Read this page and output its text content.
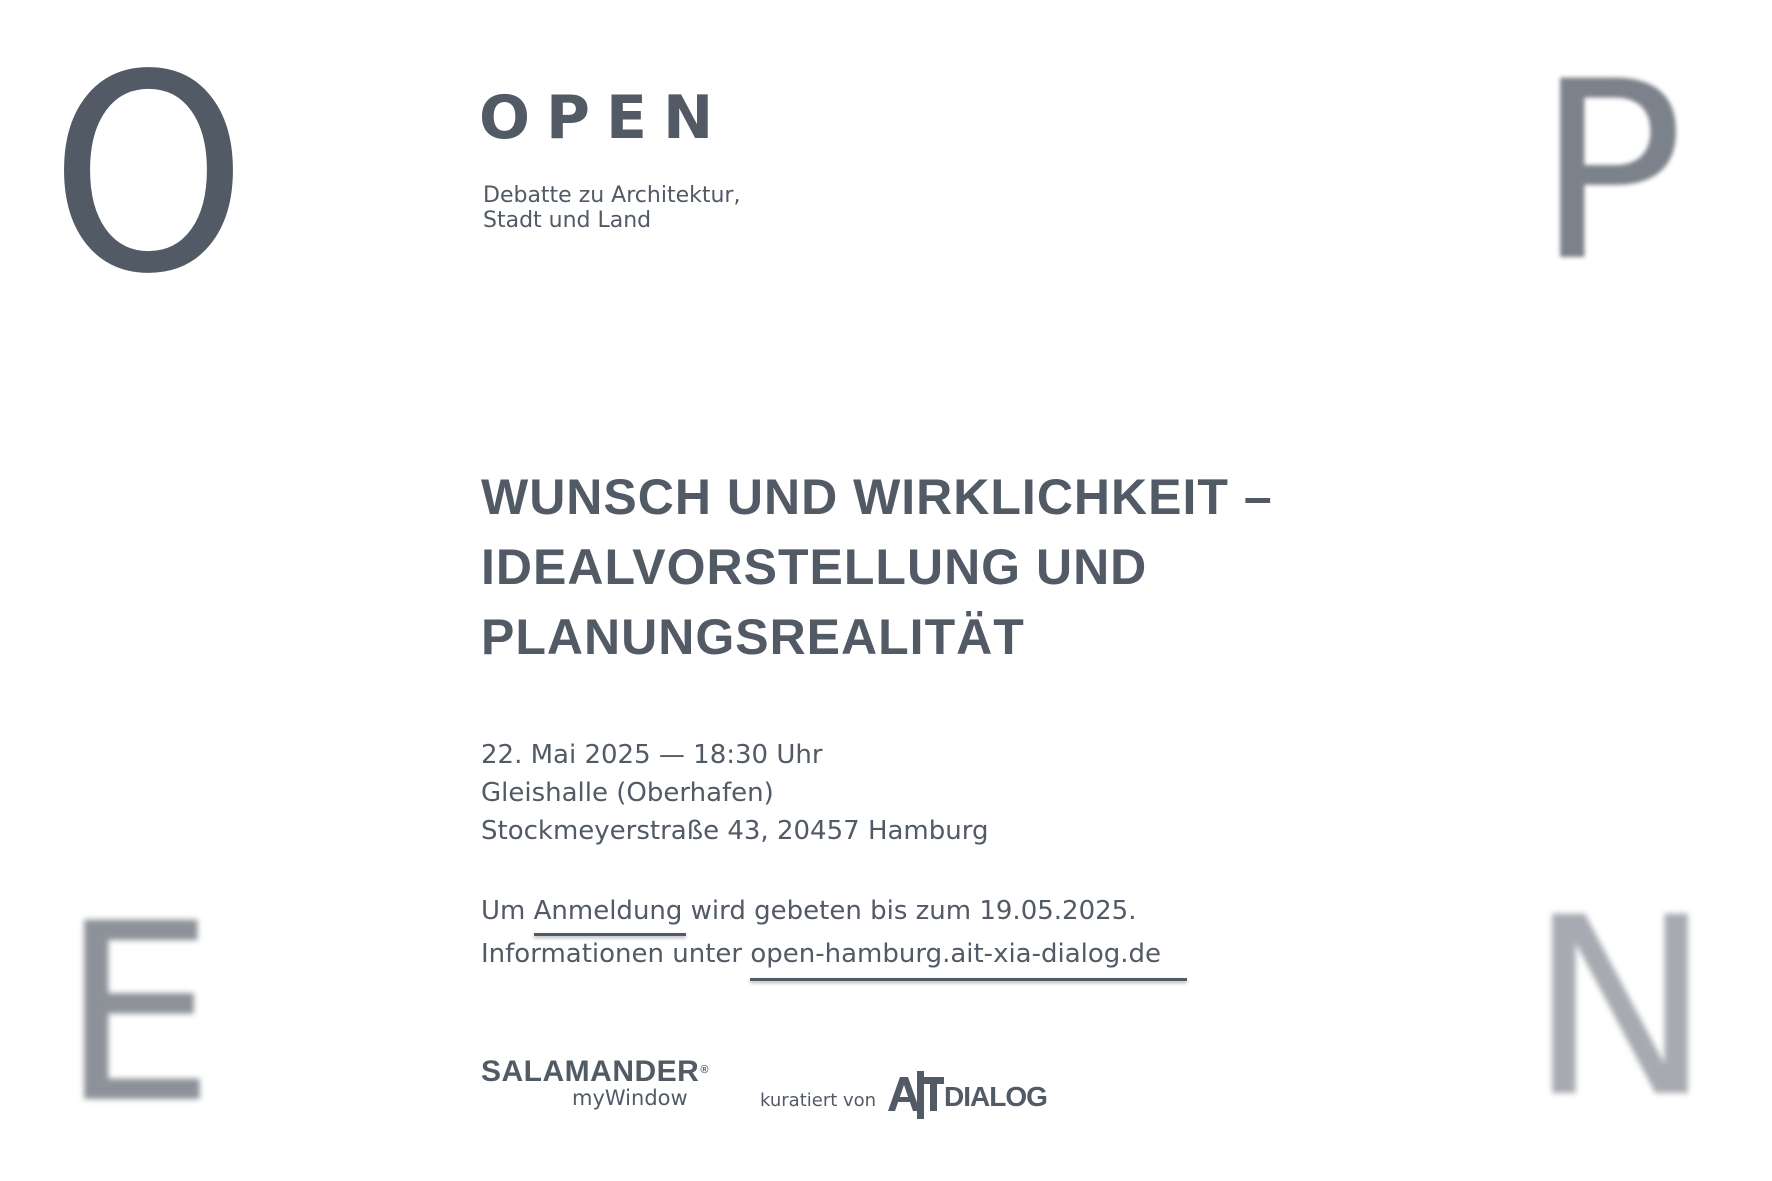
O	P
E	N
OPEN
Debatte zu Architektur,
Stadt und Land
WUNSCH UND WIRKLICHKEIT –
IDEALVORSTELLUNG UND
PLANUNGSREALITÄT
22. Mai 2025 — 18:30 Uhr
Gleishalle (Oberhafen)
Stockmeyerstraße 43, 20457 Hamburg
Um Anmeldung wird gebeten bis zum 19.05.2025.
Informationen unter open-hamburg.ait-xia-dialog.de
SALAMANDER®
myWindow	kuratiert von DIALOG
